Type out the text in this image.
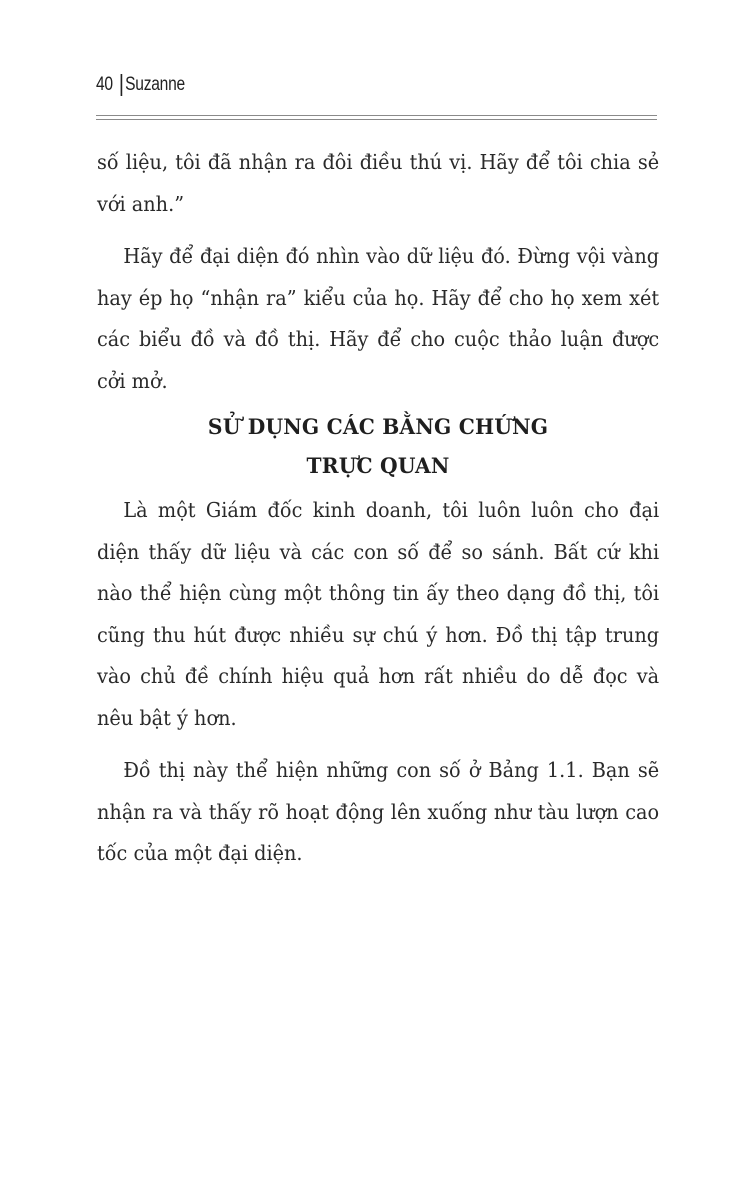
40 Suzanne

số liệu, tôi đã nhận ra đôi điều thú vị. Hãy để tôi chia sẻ với anh.”

Hãy để đại diện đó nhìn vào dữ liệu đó. Đừng vội vàng hay ép họ “nhận ra” kiểu của họ. Hãy để cho họ xem xét các biểu đồ và đồ thị. Hãy để cho cuộc thảo luận được cởi mở.

SỬ DỤNG CÁC BẰNG CHỨNG
TRỰC QUAN

Là một Giám đốc kinh doanh, tôi luôn luôn cho đại diện thấy dữ liệu và các con số để so sánh. Bất cứ khi nào thể hiện cùng một thông tin ấy theo dạng đồ thị, tôi cũng thu hút được nhiều sự chú ý hơn. Đồ thị tập trung vào chủ đề chính hiệu quả hơn rất nhiều do dễ đọc và nêu bật ý hơn.

Đồ thị này thể hiện những con số ở Bảng 1.1. Bạn sẽ nhận ra và thấy rõ hoạt động lên xuống như tàu lượn cao tốc của một đại diện.
